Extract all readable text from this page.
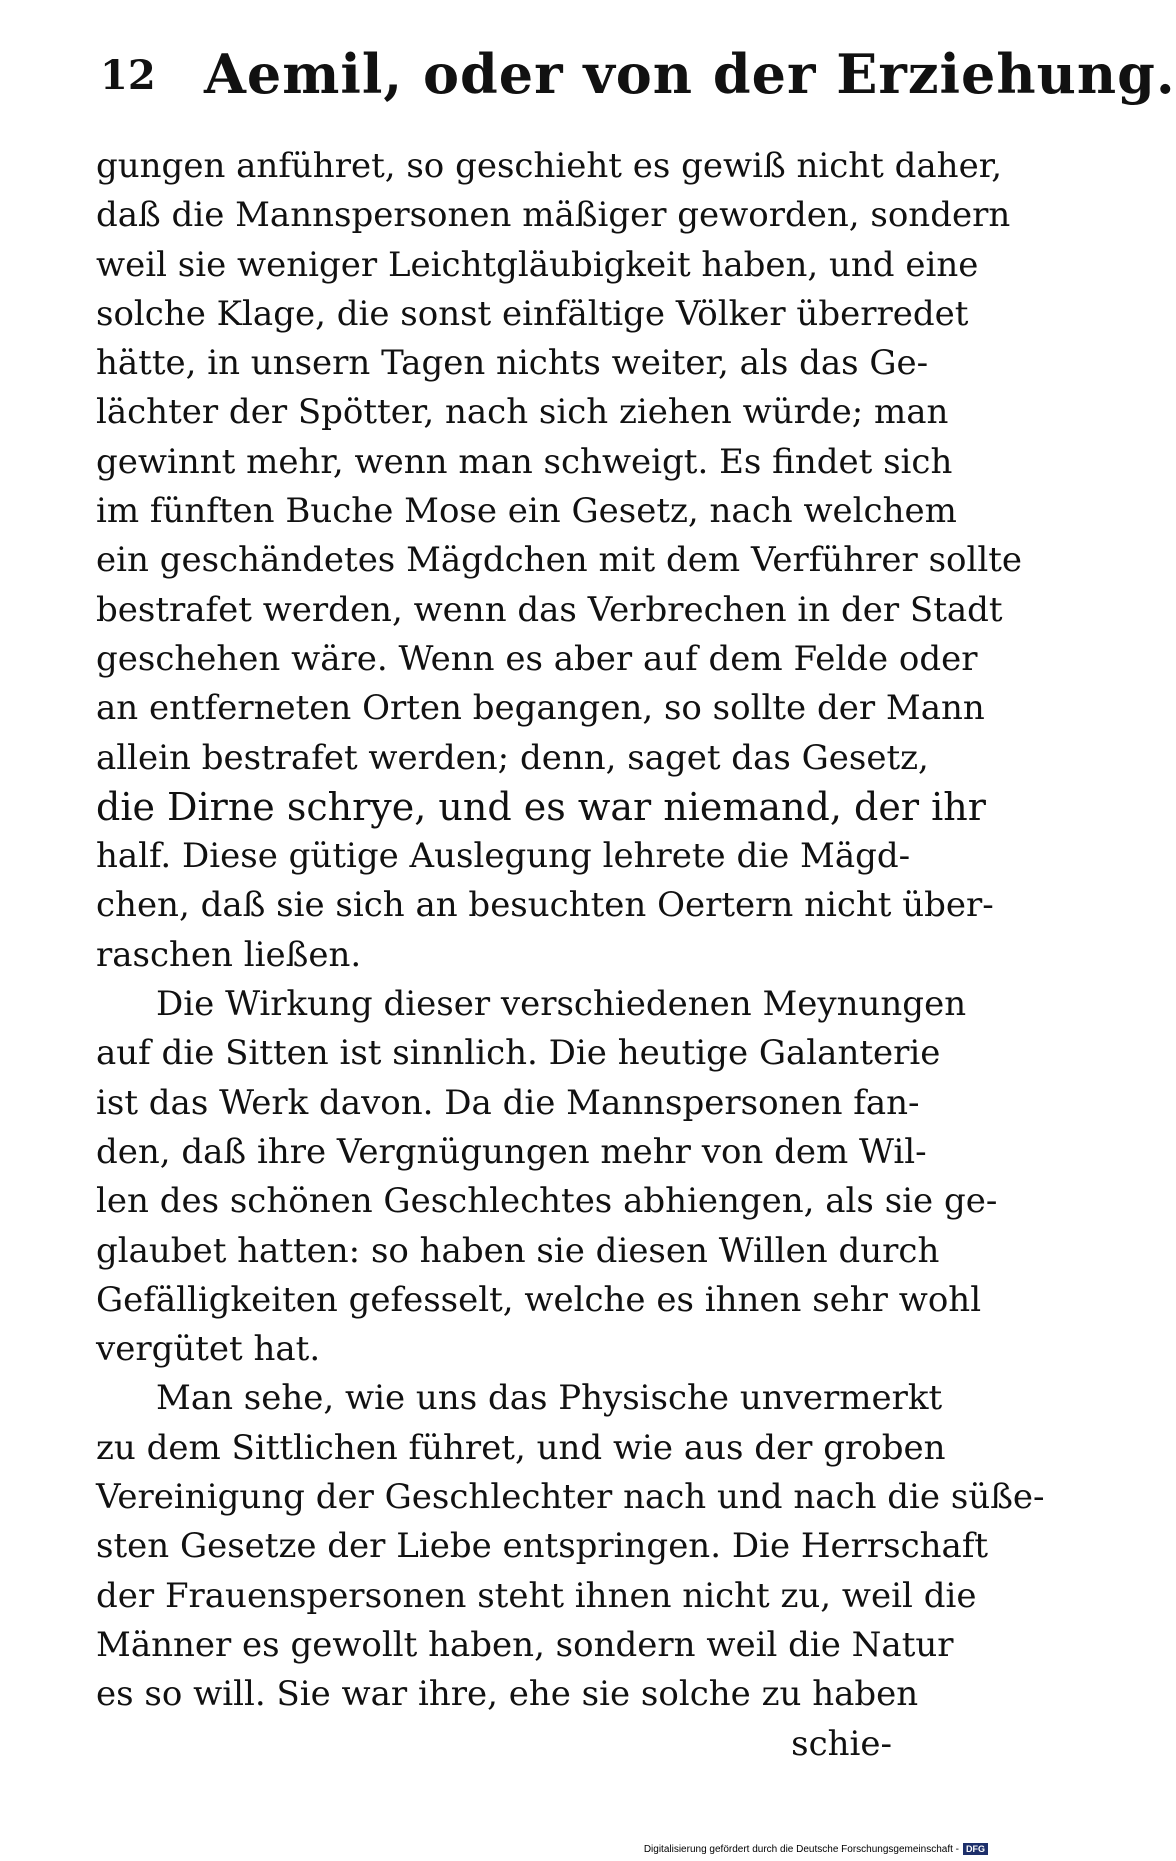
12 Aemil, oder von der Erziehung.
gungen anführet, so geschieht es gewiß nicht daher,
daß die Mannspersonen mäßiger geworden, sondern
weil sie weniger Leichtgläubigkeit haben, und eine
solche Klage, die sonst einfältige Völker überredet
hätte, in unsern Tagen nichts weiter, als das Ge-
lächter der Spötter, nach sich ziehen würde; man
gewinnt mehr, wenn man schweigt. Es findet sich
im fünften Buche Mose ein Gesetz, nach welchem
ein geschändetes Mägdchen mit dem Verführer sollte
bestrafet werden, wenn das Verbrechen in der Stadt
geschehen wäre. Wenn es aber auf dem Felde oder
an entferneten Orten begangen, so sollte der Mann
allein bestrafet werden; denn, saget das Gesetz,
die Dirne schrye, und es war niemand, der ihr
half. Diese gütige Auslegung lehrete die Mägd-
chen, daß sie sich an besuchten Oertern nicht über-
raschen ließen.
Die Wirkung dieser verschiedenen Meynungen
auf die Sitten ist sinnlich. Die heutige Galanterie
ist das Werk davon. Da die Mannspersonen fan-
den, daß ihre Vergnügungen mehr von dem Wil-
len des schönen Geschlechtes abhiengen, als sie ge-
glaubet hatten: so haben sie diesen Willen durch
Gefälligkeiten gefesselt, welche es ihnen sehr wohl
vergütet hat.
Man sehe, wie uns das Physische unvermerkt
zu dem Sittlichen führet, und wie aus der groben
Vereinigung der Geschlechter nach und nach die süße-
sten Gesetze der Liebe entspringen. Die Herrschaft
der Frauenspersonen steht ihnen nicht zu, weil die
Männer es gewollt haben, sondern weil die Natur
es so will. Sie war ihre, ehe sie solche zu haben
schie-
Digitalisierung gefördert durch die Deutsche Forschungsgemeinschaft - DFG
